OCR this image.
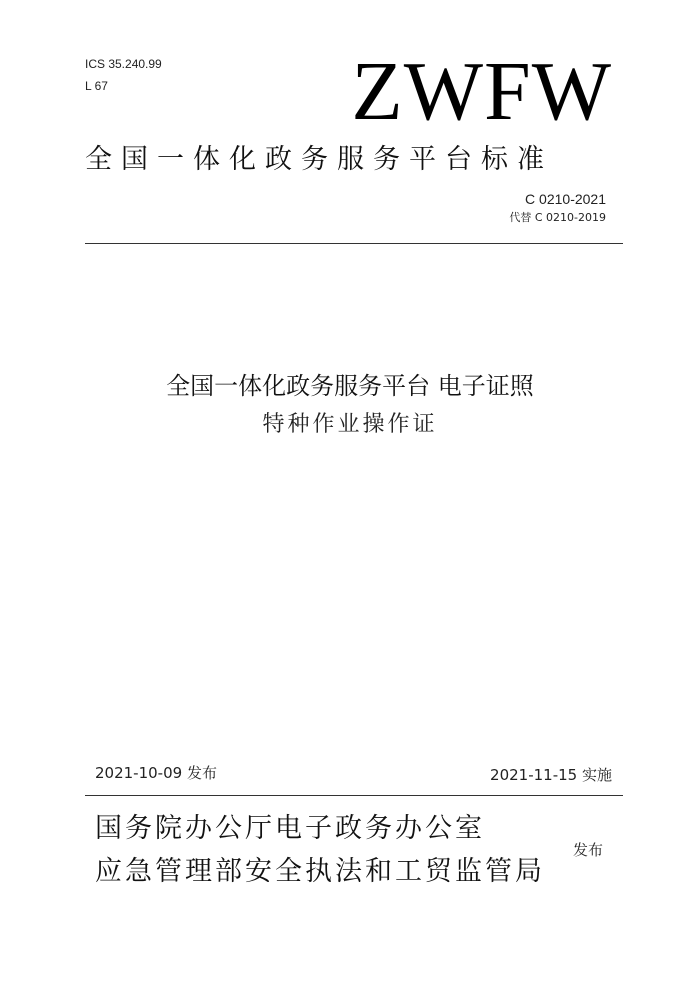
ICS 35.240.99
L 67	ZWFW
全国一体化政务服务平台标准
C 0210-2021
代替 C 0210-2019
全国一体化政务服务平台 电子证照
特种作业操作证
2021-10-09 发布	2021-11-15 实施
国务院办公厅电子政务办公室
应急管理部安全执法和工贸监管局
发布
